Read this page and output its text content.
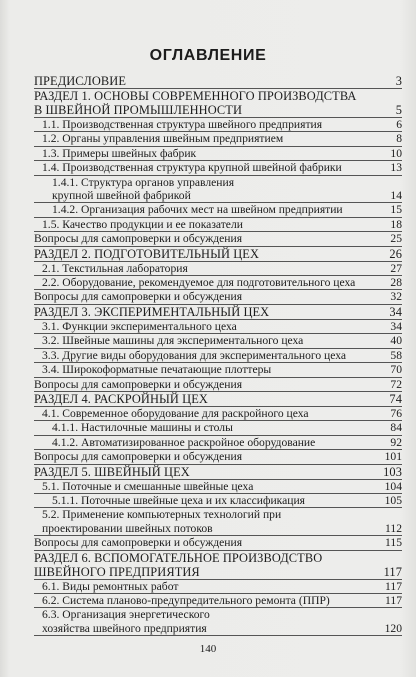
ОГЛАВЛЕНИЕ
ПРЕДИСЛОВИЕ	3
РАЗДЕЛ 1. ОСНОВЫ СОВРЕМЕННОГО ПРОИЗВОДСТВА В ШВЕЙНОЙ ПРОМЫШЛЕННОСТИ	5
1.1. Производственная структура швейного предприятия	6
1.2. Органы управления швейным предприятием	8
1.3. Примеры швейных фабрик	10
1.4. Производственная структура крупной швейной фабрики	13
1.4.1. Структура органов управления крупной швейной фабрикой	14
1.4.2. Организация рабочих мест на швейном предприятии	15
1.5. Качество продукции и ее показатели	18
Вопросы для самопроверки и обсуждения	25
РАЗДЕЛ 2. ПОДГОТОВИТЕЛЬНЫЙ ЦЕХ	26
2.1. Текстильная лаборатория	27
2.2. Оборудование, рекомендуемое для подготовительного цеха	28
Вопросы для самопроверки и обсуждения	32
РАЗДЕЛ 3. ЭКСПЕРИМЕНТАЛЬНЫЙ ЦЕХ	34
3.1. Функции экспериментального цеха	34
3.2. Швейные машины для экспериментального цеха	40
3.3. Другие виды оборудования для экспериментального цеха	58
3.4. Широкоформатные печатающие плоттеры	70
Вопросы для самопроверки и обсуждения	72
РАЗДЕЛ 4. РАСКРОЙНЫЙ ЦЕХ	74
4.1. Современное оборудование для раскройного цеха	76
4.1.1. Настилочные машины и столы	84
4.1.2. Автоматизированное раскройное оборудование	92
Вопросы для самопроверки и обсуждения	101
РАЗДЕЛ 5. ШВЕЙНЫЙ ЦЕХ	103
5.1. Поточные и смешанные швейные цеха	104
5.1.1. Поточные швейные цеха и их классификация	105
5.2. Применение компьютерных технологий при проектировании швейных потоков	112
Вопросы для самопроверки и обсуждения	115
РАЗДЕЛ 6. ВСПОМОГАТЕЛЬНОЕ ПРОИЗВОДСТВО ШВЕЙНОГО ПРЕДПРИЯТИЯ	117
6.1. Виды ремонтных работ	117
6.2. Система планово-предупредительного ремонта (ППР)	117
6.3. Организация энергетического хозяйства швейного предприятия	120
140
